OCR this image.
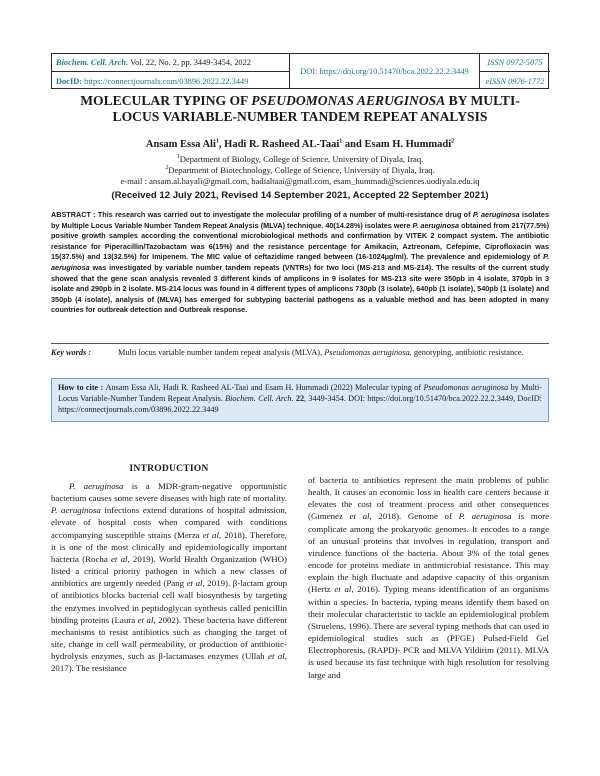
Biochem. Cell. Arch.
Vol. 22, No. 2, pp. 3449-3454, 2022
DocID:
https://connectjournals.com/03896.2022.22.3449
DOI:
https://doi.org/10.51470/bca.2022.22.2.3449
ISSN 0972-5075
eISSN 0976-1772
MOLECULAR TYPING OF PSEUDOMONAS AERUGINOSA BY MULTI-
LOCUS VARIABLE-NUMBER TANDEM REPEAT ANALYSIS
Ansam Essa Ali$^1$, Hadi R. Rasheed AL-Taai$^1$ and Esam H. Hummadi$^2$
$^1$Department of Biology, College of Science, University of Diyala, Iraq.
$^2$Department of Biotechnology, College of Science, University of Diyala, Iraq.
e-mail : ansam.al.hayali@gmail.com, hadialtaai@gmail.com, esam_hummadi@sciences.uodiyala.edu.iq
(Received 12 July 2021, Revised 14 September 2021, Accepted 22 September 2021)
ABSTRACT : This research was carried out to investigate the molecular profiling of a number of multi-resistance drug of P. aeruginosa isolates by Multiple Locus Variable Number Tandem Repeat Analysis (MLVA) technique. 40(14.28%) isolates were P. aeruginosa obtained from 217(77.5%) positive growth samples according the conventional microbiological methods and confirmation by VITEK 2 compact system. The antibiotic resistance for Piperacillin/Tazobactam was 6(15%) and the resistance percentage for Amikacin, Aztreonam, Cefepime, Ciprofloxacin was 15(37.5%) and 13(32.5%) for Imipenem. The MIC value of ceftazidime ranged between (16-1024µg/ml). The prevalence and epidemiology of P. aeruginosa was investigated by variable number tandem repeats (VNTRs) for two loci (MS-213 and MS-214). The results of the current study showed that the gene scan analysis revealed 3 different kinds of amplicons in 9 isolates for MS-213 site were 350pb in 4 isolate, 370pb in 3 isolate and 290pb in 2 isolate. MS-214 locus was found in 4 different types of amplicons 730pb (3 isolate), 640pb (1 isolate), 540pb (1 isolate) and 350pb (4 isolate), analysis of (MLVA) has emerged for subtyping bacterial pathogens as a valuable method and has been adopted in many countries for outbreak detection and Outbreak response.
Key words :	Multi locus variable number tandem repeat analysis (MLVA), Pseudomonas aeruginosa, genotyping, antibiotic resistance.
How to cite : Ansam Essa Ali, Hadi R. Rasheed AL-Taai and Esam H. Hummadi (2022) Molecular typing of Pseudomonas aeruginosa by Multi-Locus Variable-Number Tandem Repeat Analysis. Biochem. Cell. Arch. 22, 3449-3454. DOI: https://doi.org/10.51470/bca.2022.22.2.3449, DocID: https://connectjournals.com/03896.2022.22.3449
INTRODUCTION

P. aeruginosa is a MDR-gram-negative opportunistic bacterium causes some severe diseases with high rate of mortality. P. aeruginosa infections extend durations of hospital admission, elevate of hospital costs when compared with conditions accompanying susceptible strains (Merza et al, 2018). Therefore, it is one of the most clinically and epidemiologically important bacteria (Rocha et al, 2019). World Health Organization (WHO) listed a critical priority pathogen in which a new classes of antibiotics are urgently needed (Pang et al, 2019). β-lactam group of antibiotics blocks bacterial cell wall biosynthesis by targeting the enzymes involved in peptidoglycan synthesis called penicillin binding proteins (Laura et al, 2002). These bacteria have different mechanisms to resist antibiotics such as changing the target of site, change in cell wall permeability, or production of antibiotic-hydrolysis enzymes, such as β-lactamases enzymes (Ullah et al, 2017). The resistance

of bacteria to antibiotics represent the main problems of public health. It causes an economic loss in health care centers because it elevates the cost of treatment process and other consequences (Gimenez et al, 2018). Genome of P. aeruginosa is more complicate among the prokaryotic genomes. It encodes to a range of an unusual proteins that involves in regulation, transport and virulence functions of the bacteria. About 3% of the total genes encode for proteins mediate in antimicrobial resistance. This may explain the high fluctuate and adaptive capacity of this organism (Hertz et al, 2016). Typing means identification of an organisms within a species. In bacteria, typing means identify them based on their molecular characteristic to tackle an epidemiological problem (Struelens, 1996). There are several typing methods that can used in epidemiological studies such as (PFGE) Pulsed-Field Gel Electrophoresis, (RAPD)- PCR and MLVA Yildirim (2011). MLVA is used because its fast technique with high resolution for resolving large and
